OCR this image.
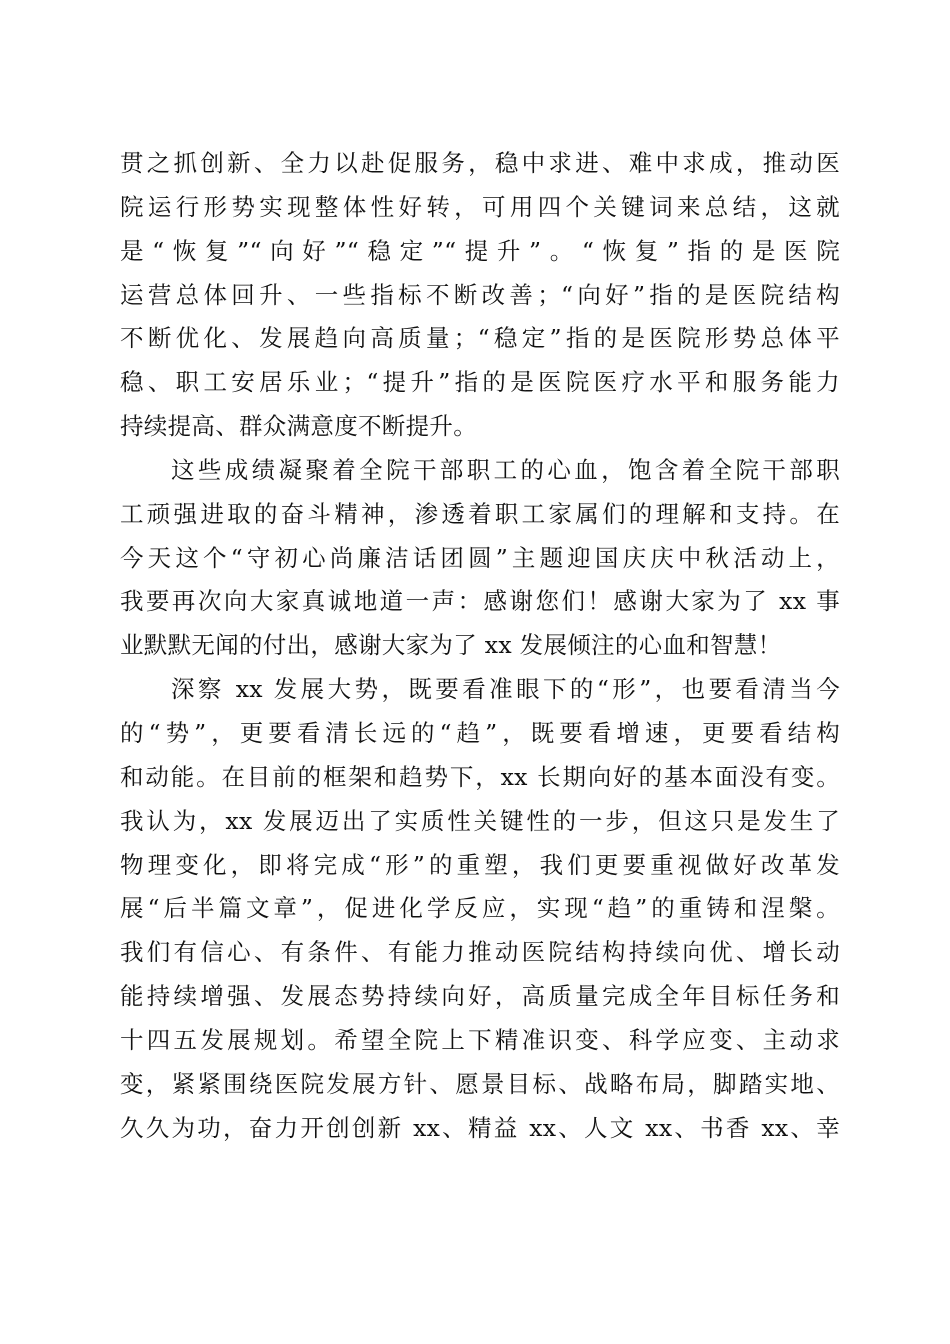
贯之抓创新、全力以赴促服务，稳中求进、难中求成，推动医
院运行形势实现整体性好转，可用四个关键词来总结，这就
是“恢复”“向好”“稳定”“提升”。“恢复”指的是医院
运营总体回升、一些指标不断改善；“向好”指的是医院结构
不断优化、发展趋向高质量；“稳定”指的是医院形势总体平
稳、职工安居乐业；“提升”指的是医院医疗水平和服务能力
持续提高、群众满意度不断提升。
这些成绩凝聚着全院干部职工的心血，饱含着全院干部职
工顽强进取的奋斗精神，渗透着职工家属们的理解和支持。在
今天这个“守初心尚廉洁话团圆”主题迎国庆庆中秋活动上，
我要再次向大家真诚地道一声：感谢您们！感谢大家为了 xx 事
业默默无闻的付出，感谢大家为了 xx 发展倾注的心血和智慧！
深察 xx 发展大势，既要看准眼下的“形”，也要看清当今
的“势”，更要看清长远的“趋”，既要看增速，更要看结构
和动能。在目前的框架和趋势下，xx 长期向好的基本面没有变。
我认为，xx 发展迈出了实质性关键性的一步，但这只是发生了
物理变化，即将完成“形”的重塑，我们更要重视做好改革发
展“后半篇文章”，促进化学反应，实现“趋”的重铸和涅槃。
我们有信心、有条件、有能力推动医院结构持续向优、增长动
能持续增强、发展态势持续向好，高质量完成全年目标任务和
十四五发展规划。希望全院上下精准识变、科学应变、主动求
变，紧紧围绕医院发展方针、愿景目标、战略布局，脚踏实地、
久久为功，奋力开创创新 xx、精益 xx、人文 xx、书香 xx、幸
